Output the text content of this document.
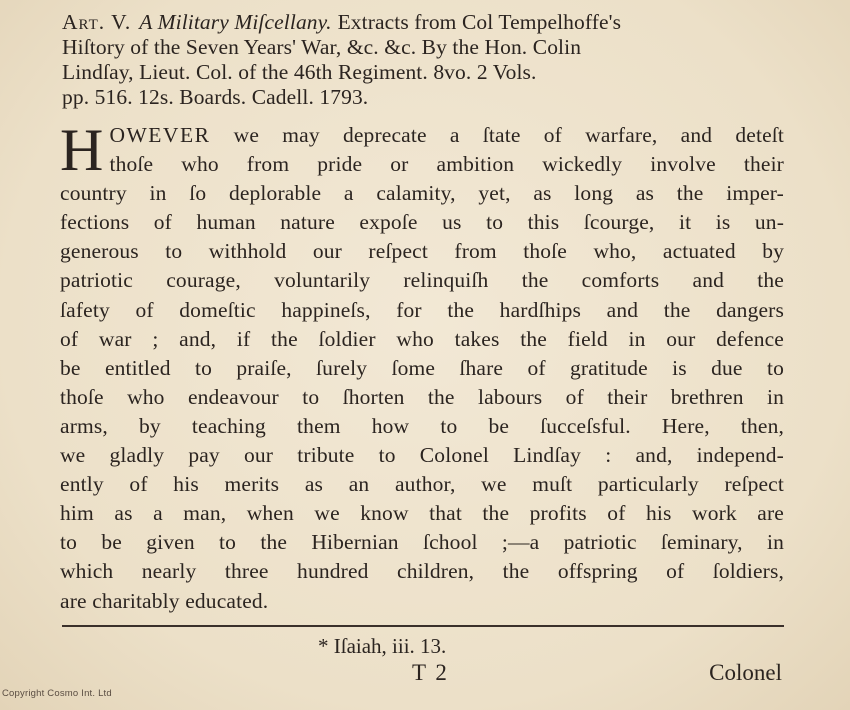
Art. V. A Military Miſcellany. Extracts from Col Tempelhoffe's
Hiſtory of the Seven Years' War, &c. &c. By the Hon. Colin
Lindſay, Lieut. Col. of the 46th Regiment. 8vo. 2 Vols.
pp. 516. 12s. Boards. Cadell. 1793.
H OWEVER we may deprecate a ſtate of warfare, and deteſt
thoſe who from pride or ambition wickedly involve their
country in ſo deplorable a calamity, yet, as long as the imper-
fections of human nature expoſe us to this ſcourge, it is un-
generous to withhold our reſpect from thoſe who, actuated by
patriotic courage, voluntarily relinquiſh the comforts and the
ſafety of domeſtic happineſs, for the hardſhips and the dangers
of war ; and, if the ſoldier who takes the field in our defence
be entitled to praiſe, ſurely ſome ſhare of gratitude is due to
thoſe who endeavour to ſhorten the labours of their brethren in
arms, by teaching them how to be ſucceſsful. Here, then,
we gladly pay our tribute to Colonel Lindſay : and, independ-
ently of his merits as an author, we muſt particularly reſpect
him as a man, when we know that the profits of his work are
to be given to the Hibernian ſchool ;—a patriotic ſeminary, in
which nearly three hundred children, the offspring of ſoldiers,
are charitably educated.
* Iſaiah, iii. 13.
T 2	Colonel
Copyright Cosmo Int. Ltd
